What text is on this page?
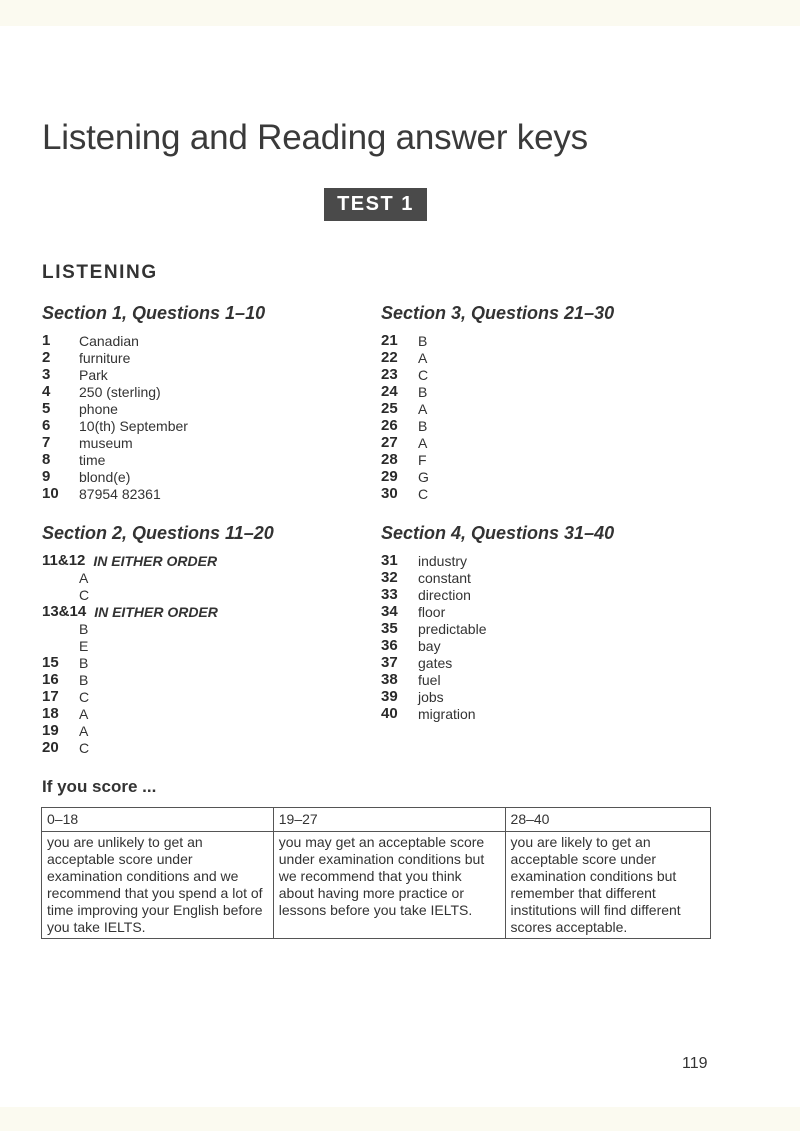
Listening and Reading answer keys
TEST 1
LISTENING
Section 1, Questions 1–10
1	Canadian
2	furniture
3	Park
4	250 (sterling)
5	phone
6	10(th) September
7	museum
8	time
9	blond(e)
10	87954 82361
Section 3, Questions 21–30
21	B
22	A
23	C
24	B
25	A
26	B
27	A
28	F
29	G
30	C
Section 2, Questions 11–20
11&12 IN EITHER ORDER
A
C
13&14 IN EITHER ORDER
B
E
15	B
16	B
17	C
18	A
19	A
20	C
Section 4, Questions 31–40
31	industry
32	constant
33	direction
34	floor
35	predictable
36	bay
37	gates
38	fuel
39	jobs
40	migration
If you score ...
0–18	19–27	28–40
you are unlikely to get an acceptable score under examination conditions and we recommend that you spend a lot of time improving your English before you take IELTS.	you may get an acceptable score under examination conditions but we recommend that you think about having more practice or lessons before you take IELTS.	you are likely to get an acceptable score under examination conditions but remember that different institutions will find different scores acceptable.
119
